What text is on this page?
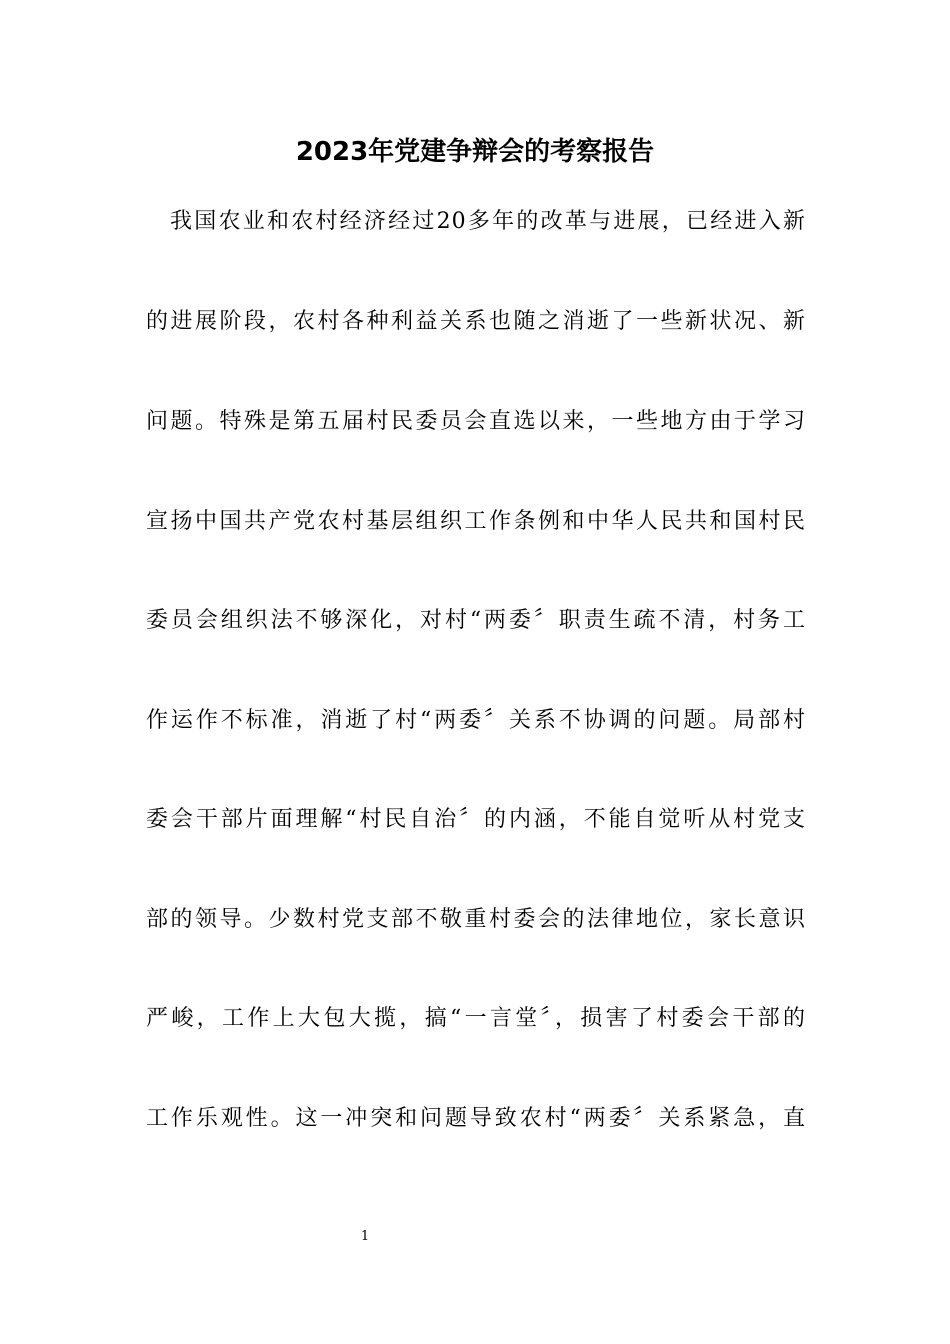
2023年党建争辩会的考察报告
我国农业和农村经济经过20多年的改革与进展，已经进入新
的进展阶段，农村各种利益关系也随之消逝了一些新状况、新
问题。特殊是第五届村民委员会直选以来，一些地方由于学习
宣扬中国共产党农村基层组织工作条例和中华人民共和国村民
委员会组织法不够深化，对村“两委〞职责生疏不清，村务工
作运作不标准，消逝了村“两委〞关系不协调的问题。局部村
委会干部片面理解“村民自治〞的内涵，不能自觉听从村党支
部的领导。少数村党支部不敬重村委会的法律地位，家长意识
严峻，工作上大包大揽，搞“一言堂〞，损害了村委会干部的
工作乐观性。这一冲突和问题导致农村“两委〞关系紧急，直
1
